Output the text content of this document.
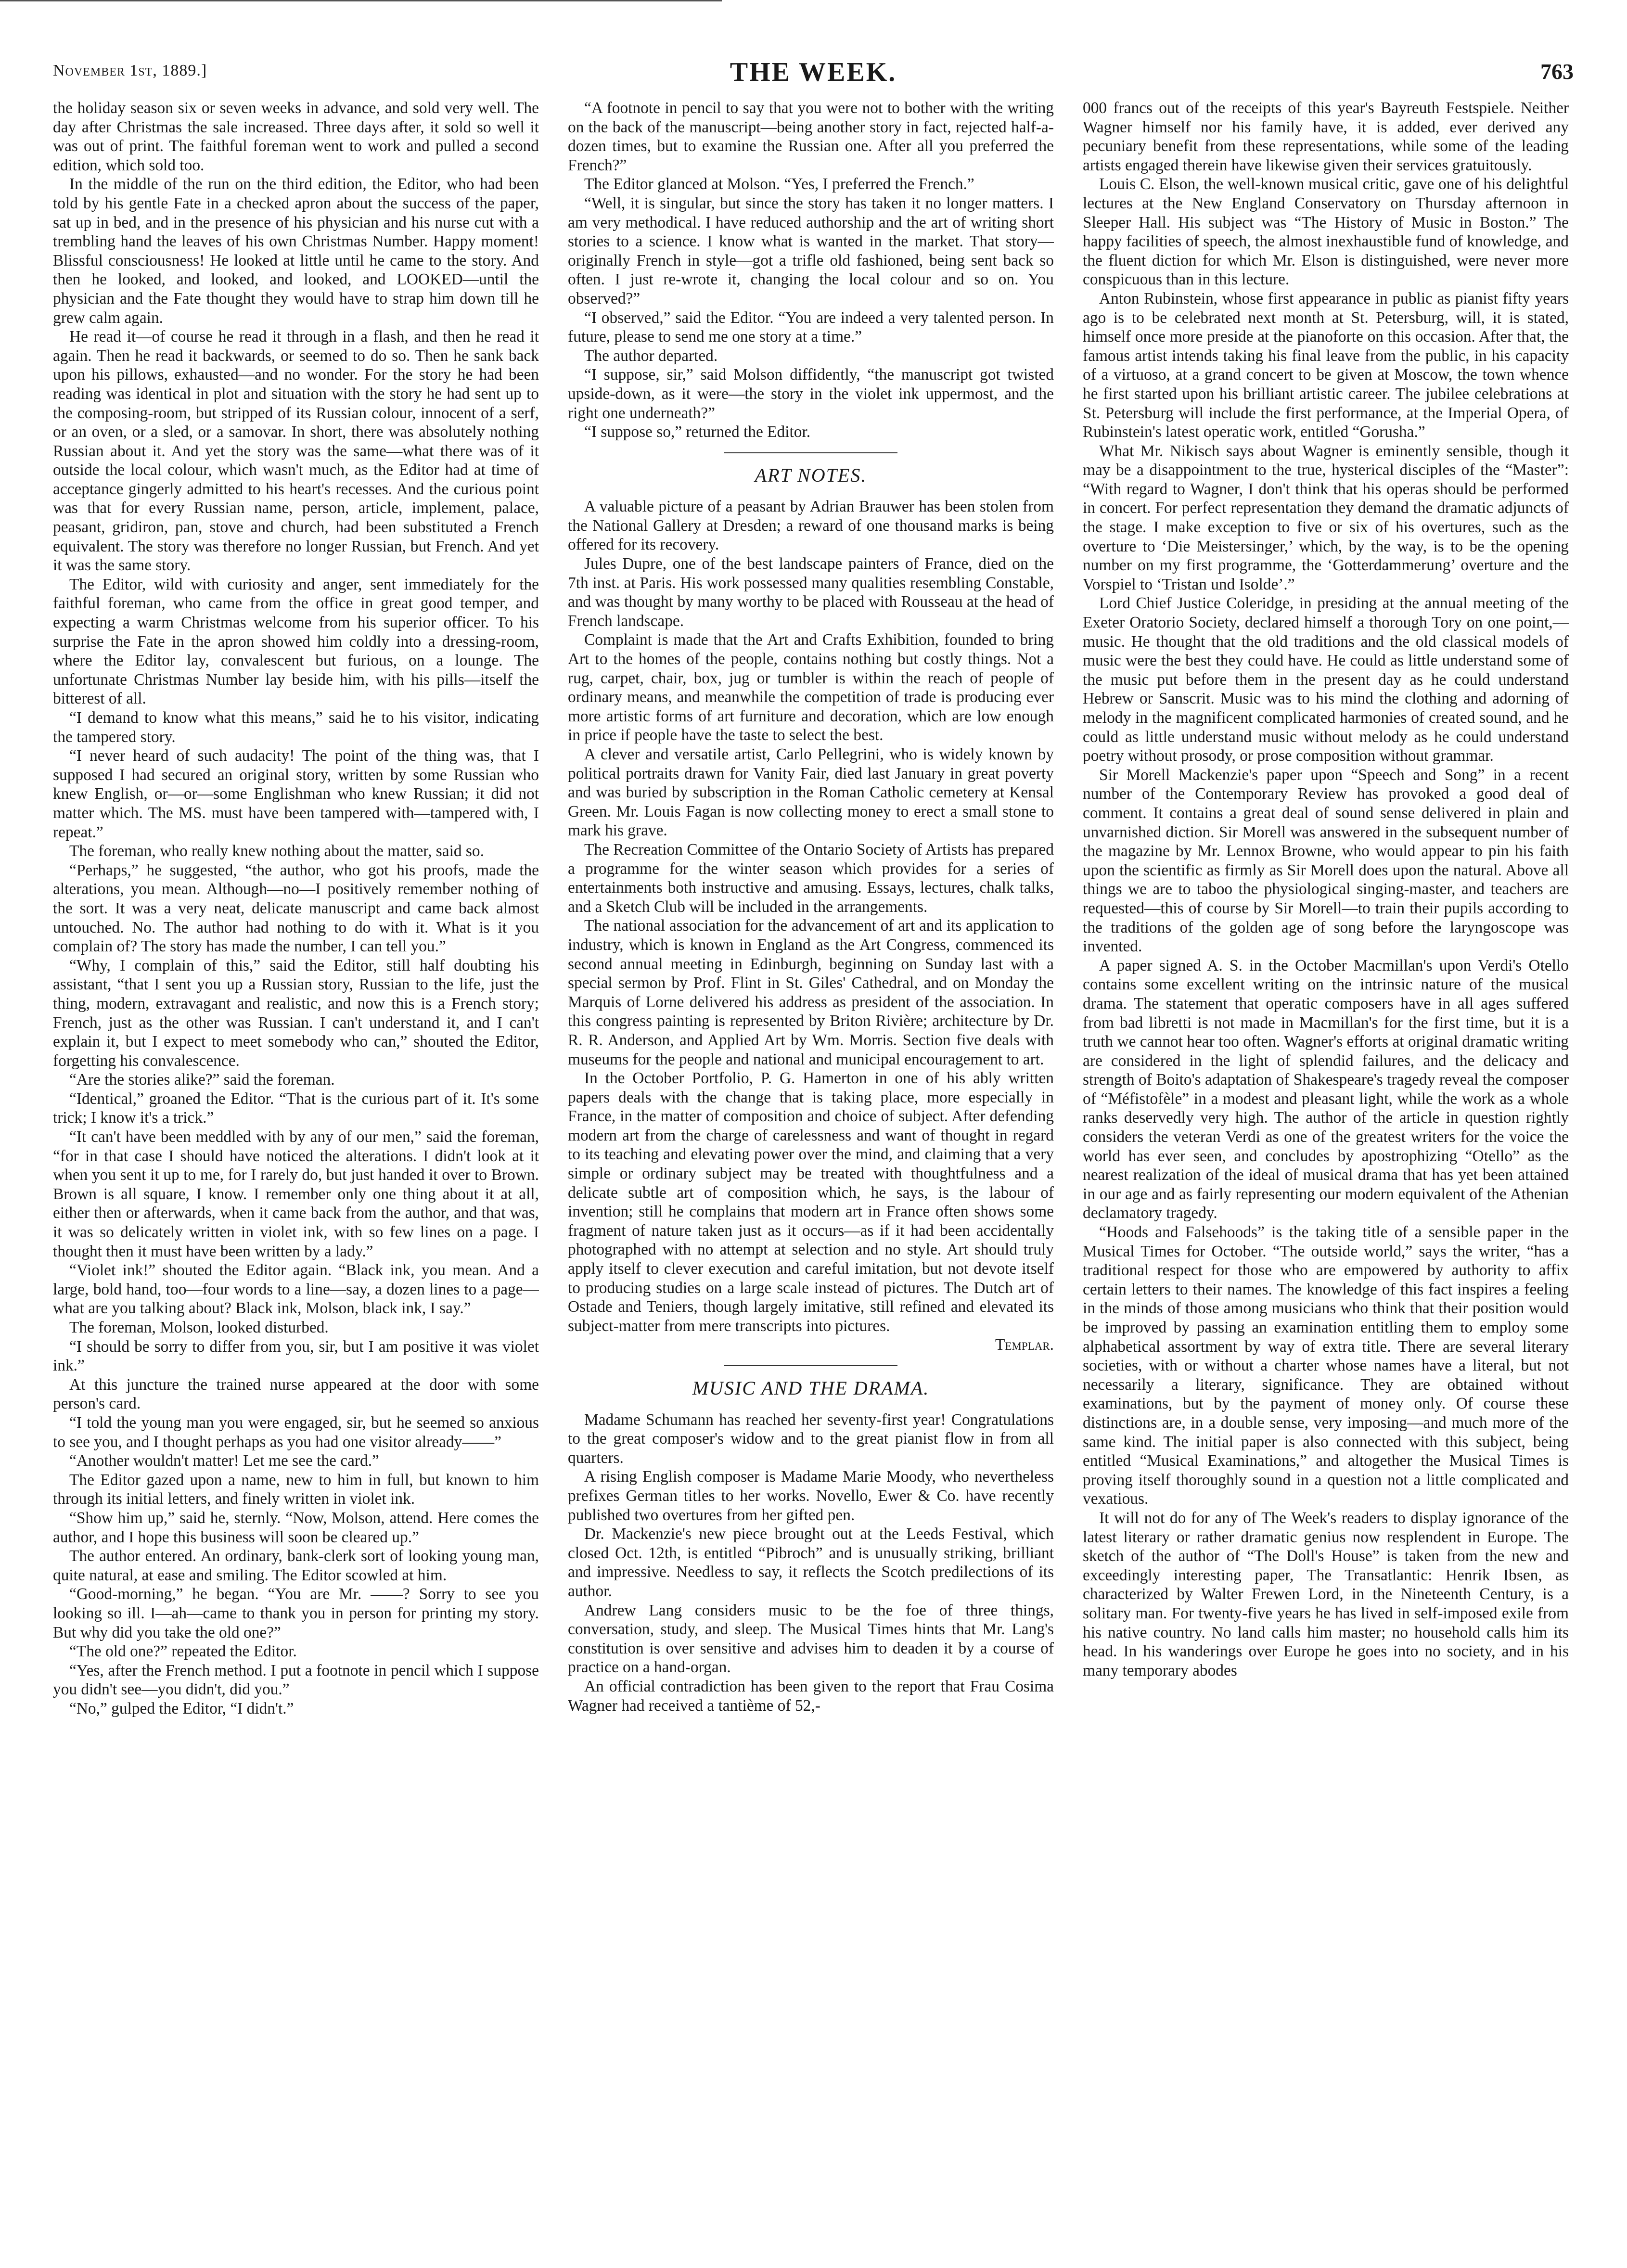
November 1st, 1889.]	THE WEEK.	763

the holiday season six or seven weeks in advance, and sold very well. The day after Christmas the sale increased. Three days after, it sold so well it was out of print. The faithful foreman went to work and pulled a second edition, which sold too.

In the middle of the run on the third edition, the Editor, who had been told by his gentle Fate in a checked apron about the success of the paper, sat up in bed, and in the presence of his physician and his nurse cut with a trembling hand the leaves of his own Christmas Number. Happy moment! Blissful consciousness! He looked at little until he came to the story. And then he looked, and looked, and looked, and LOOKED—until the physician and the Fate thought they would have to strap him down till he grew calm again.

He read it—of course he read it through in a flash, and then he read it again. Then he read it backwards, or seemed to do so. Then he sank back upon his pillows, exhausted—and no wonder. For the story he had been reading was identical in plot and situation with the story he had sent up to the composing-room, but stripped of its Russian colour, innocent of a serf, or an oven, or a sled, or a samovar. In short, there was absolutely nothing Russian about it. And yet the story was the same—what there was of it outside the local colour, which wasn't much, as the Editor had at time of acceptance gingerly admitted to his heart's recesses. And the curious point was that for every Russian name, person, article, implement, palace, peasant, gridiron, pan, stove and church, had been substituted a French equivalent. The story was therefore no longer Russian, but French. And yet it was the same story.

The Editor, wild with curiosity and anger, sent immediately for the faithful foreman, who came from the office in great good temper, and expecting a warm Christmas welcome from his superior officer. To his surprise the Fate in the apron showed him coldly into a dressing-room, where the Editor lay, convalescent but furious, on a lounge. The unfortunate Christmas Number lay beside him, with his pills—itself the bitterest of all.

“I demand to know what this means,” said he to his visitor, indicating the tampered story.

“I never heard of such audacity! The point of the thing was, that I supposed I had secured an original story, written by some Russian who knew English, or—or—some Englishman who knew Russian; it did not matter which. The MS. must have been tampered with—tampered with, I repeat.”

The foreman, who really knew nothing about the matter, said so.

“Perhaps,” he suggested, “the author, who got his proofs, made the alterations, you mean. Although—no—I positively remember nothing of the sort. It was a very neat, delicate manuscript and came back almost untouched. No. The author had nothing to do with it. What is it you complain of? The story has made the number, I can tell you.”

“Why, I complain of this,” said the Editor, still half doubting his assistant, “that I sent you up a Russian story, Russian to the life, just the thing, modern, extravagant and realistic, and now this is a French story; French, just as the other was Russian. I can't understand it, and I can't explain it, but I expect to meet somebody who can,” shouted the Editor, forgetting his convalescence.

“Are the stories alike?” said the foreman.

“Identical,” groaned the Editor. “That is the curious part of it. It's some trick; I know it's a trick.”

“It can't have been meddled with by any of our men,” said the foreman, “for in that case I should have noticed the alterations. I didn't look at it when you sent it up to me, for I rarely do, but just handed it over to Brown. Brown is all square, I know. I remember only one thing about it at all, either then or afterwards, when it came back from the author, and that was, it was so delicately written in violet ink, with so few lines on a page. I thought then it must have been written by a lady.”

“Violet ink!” shouted the Editor again. “Black ink, you mean. And a large, bold hand, too—four words to a line—say, a dozen lines to a page—what are you talking about? Black ink, Molson, black ink, I say.”

The foreman, Molson, looked disturbed.

“I should be sorry to differ from you, sir, but I am positive it was violet ink.”

At this juncture the trained nurse appeared at the door with some person's card.

“I told the young man you were engaged, sir, but he seemed so anxious to see you, and I thought perhaps as you had one visitor already——”

“Another wouldn't matter! Let me see the card.”

The Editor gazed upon a name, new to him in full, but known to him through its initial letters, and finely written in violet ink.

“Show him up,” said he, sternly. “Now, Molson, attend. Here comes the author, and I hope this business will soon be cleared up.”

The author entered. An ordinary, bank-clerk sort of looking young man, quite natural, at ease and smiling. The Editor scowled at him.

“Good-morning,” he began. “You are Mr. ——? Sorry to see you looking so ill. I—ah—came to thank you in person for printing my story. But why did you take the old one?”

“The old one?” repeated the Editor.

“Yes, after the French method. I put a footnote in pencil which I suppose you didn't see—you didn't, did you.”

“No,” gulped the Editor, “I didn't.”

“A footnote in pencil to say that you were not to bother with the writing on the back of the manuscript—being another story in fact, rejected half-a-dozen times, but to examine the Russian one. After all you preferred the French?”

The Editor glanced at Molson. “Yes, I preferred the French.”

“Well, it is singular, but since the story has taken it no longer matters. I am very methodical. I have reduced authorship and the art of writing short stories to a science. I know what is wanted in the market. That story—originally French in style—got a trifle old fashioned, being sent back so often. I just re-wrote it, changing the local colour and so on. You observed?”

“I observed,” said the Editor. “You are indeed a very talented person. In future, please to send me one story at a time.”

The author departed.

“I suppose, sir,” said Molson diffidently, “the manuscript got twisted upside-down, as it were—the story in the violet ink uppermost, and the right one underneath?”

“I suppose so,” returned the Editor.

ART NOTES.

A valuable picture of a peasant by Adrian Brauwer has been stolen from the National Gallery at Dresden; a reward of one thousand marks is being offered for its recovery.

Jules Dupre, one of the best landscape painters of France, died on the 7th inst. at Paris. His work possessed many qualities resembling Constable, and was thought by many worthy to be placed with Rousseau at the head of French landscape.

Complaint is made that the Art and Crafts Exhibition, founded to bring Art to the homes of the people, contains nothing but costly things. Not a rug, carpet, chair, box, jug or tumbler is within the reach of people of ordinary means, and meanwhile the competition of trade is producing ever more artistic forms of art furniture and decoration, which are low enough in price if people have the taste to select the best.

A clever and versatile artist, Carlo Pellegrini, who is widely known by political portraits drawn for Vanity Fair, died last January in great poverty and was buried by subscription in the Roman Catholic cemetery at Kensal Green. Mr. Louis Fagan is now collecting money to erect a small stone to mark his grave.

The Recreation Committee of the Ontario Society of Artists has prepared a programme for the winter season which provides for a series of entertainments both instructive and amusing. Essays, lectures, chalk talks, and a Sketch Club will be included in the arrangements.

The national association for the advancement of art and its application to industry, which is known in England as the Art Congress, commenced its second annual meeting in Edinburgh, beginning on Sunday last with a special sermon by Prof. Flint in St. Giles' Cathedral, and on Monday the Marquis of Lorne delivered his address as president of the association. In this congress painting is represented by Briton Rivière; architecture by Dr. R. R. Anderson, and Applied Art by Wm. Morris. Section five deals with museums for the people and national and municipal encouragement to art.

In the October Portfolio, P. G. Hamerton in one of his ably written papers deals with the change that is taking place, more especially in France, in the matter of composition and choice of subject. After defending modern art from the charge of carelessness and want of thought in regard to its teaching and elevating power over the mind, and claiming that a very simple or ordinary subject may be treated with thoughtfulness and a delicate subtle art of composition which, he says, is the labour of invention; still he complains that modern art in France often shows some fragment of nature taken just as it occurs—as if it had been accidentally photographed with no attempt at selection and no style. Art should truly apply itself to clever execution and careful imitation, but not devote itself to producing studies on a large scale instead of pictures. The Dutch art of Ostade and Teniers, though largely imitative, still refined and elevated its subject-matter from mere transcripts into pictures.

Templar.

MUSIC AND THE DRAMA.

Madame Schumann has reached her seventy-first year! Congratulations to the great composer's widow and to the great pianist flow in from all quarters.

A rising English composer is Madame Marie Moody, who nevertheless prefixes German titles to her works. Novello, Ewer & Co. have recently published two overtures from her gifted pen.

Dr. Mackenzie's new piece brought out at the Leeds Festival, which closed Oct. 12th, is entitled “Pibroch” and is unusually striking, brilliant and impressive. Needless to say, it reflects the Scotch predilections of its author.

Andrew Lang considers music to be the foe of three things, conversation, study, and sleep. The Musical Times hints that Mr. Lang's constitution is over sensitive and advises him to deaden it by a course of practice on a hand-organ.

An official contradiction has been given to the report that Frau Cosima Wagner had received a tantième of 52,-

000 francs out of the receipts of this year's Bayreuth Festspiele. Neither Wagner himself nor his family have, it is added, ever derived any pecuniary benefit from these representations, while some of the leading artists engaged therein have likewise given their services gratuitously.

Louis C. Elson, the well-known musical critic, gave one of his delightful lectures at the New England Conservatory on Thursday afternoon in Sleeper Hall. His subject was “The History of Music in Boston.” The happy facilities of speech, the almost inexhaustible fund of knowledge, and the fluent diction for which Mr. Elson is distinguished, were never more conspicuous than in this lecture.

Anton Rubinstein, whose first appearance in public as pianist fifty years ago is to be celebrated next month at St. Petersburg, will, it is stated, himself once more preside at the pianoforte on this occasion. After that, the famous artist intends taking his final leave from the public, in his capacity of a virtuoso, at a grand concert to be given at Moscow, the town whence he first started upon his brilliant artistic career. The jubilee celebrations at St. Petersburg will include the first performance, at the Imperial Opera, of Rubinstein's latest operatic work, entitled “Gorusha.”

What Mr. Nikisch says about Wagner is eminently sensible, though it may be a disappointment to the true, hysterical disciples of the “Master”: “With regard to Wagner, I don't think that his operas should be performed in concert. For perfect representation they demand the dramatic adjuncts of the stage. I make exception to five or six of his overtures, such as the overture to ‘Die Meistersinger,’ which, by the way, is to be the opening number on my first programme, the ‘Gotterdammerung’ overture and the Vorspiel to ‘Tristan und Isolde’.”

Lord Chief Justice Coleridge, in presiding at the annual meeting of the Exeter Oratorio Society, declared himself a thorough Tory on one point,—music. He thought that the old traditions and the old classical models of music were the best they could have. He could as little understand some of the music put before them in the present day as he could understand Hebrew or Sanscrit. Music was to his mind the clothing and adorning of melody in the magnificent complicated harmonies of created sound, and he could as little understand music without melody as he could understand poetry without prosody, or prose composition without grammar.

Sir Morell Mackenzie's paper upon “Speech and Song” in a recent number of the Contemporary Review has provoked a good deal of comment. It contains a great deal of sound sense delivered in plain and unvarnished diction. Sir Morell was answered in the subsequent number of the magazine by Mr. Lennox Browne, who would appear to pin his faith upon the scientific as firmly as Sir Morell does upon the natural. Above all things we are to taboo the physiological singing-master, and teachers are requested—this of course by Sir Morell—to train their pupils according to the traditions of the golden age of song before the laryngoscope was invented.

A paper signed A. S. in the October Macmillan's upon Verdi's Otello contains some excellent writing on the intrinsic nature of the musical drama. The statement that operatic composers have in all ages suffered from bad libretti is not made in Macmillan's for the first time, but it is a truth we cannot hear too often. Wagner's efforts at original dramatic writing are considered in the light of splendid failures, and the delicacy and strength of Boito's adaptation of Shakespeare's tragedy reveal the composer of “Méfistofèle” in a modest and pleasant light, while the work as a whole ranks deservedly very high. The author of the article in question rightly considers the veteran Verdi as one of the greatest writers for the voice the world has ever seen, and concludes by apostrophizing “Otello” as the nearest realization of the ideal of musical drama that has yet been attained in our age and as fairly representing our modern equivalent of the Athenian declamatory tragedy.

“Hoods and Falsehoods” is the taking title of a sensible paper in the Musical Times for October. “The outside world,” says the writer, “has a traditional respect for those who are empowered by authority to affix certain letters to their names. The knowledge of this fact inspires a feeling in the minds of those among musicians who think that their position would be improved by passing an examination entitling them to employ some alphabetical assortment by way of extra title. There are several literary societies, with or without a charter whose names have a literal, but not necessarily a literary, significance. They are obtained without examinations, but by the payment of money only. Of course these distinctions are, in a double sense, very imposing—and much more of the same kind. The initial paper is also connected with this subject, being entitled “Musical Examinations,” and altogether the Musical Times is proving itself thoroughly sound in a question not a little complicated and vexatious.

It will not do for any of The Week's readers to display ignorance of the latest literary or rather dramatic genius now resplendent in Europe. The sketch of the author of “The Doll's House” is taken from the new and exceedingly interesting paper, The Transatlantic: Henrik Ibsen, as characterized by Walter Frewen Lord, in the Nineteenth Century, is a solitary man. For twenty-five years he has lived in self-imposed exile from his native country. No land calls him master; no household calls him its head. In his wanderings over Europe he goes into no society, and in his many temporary abodes
